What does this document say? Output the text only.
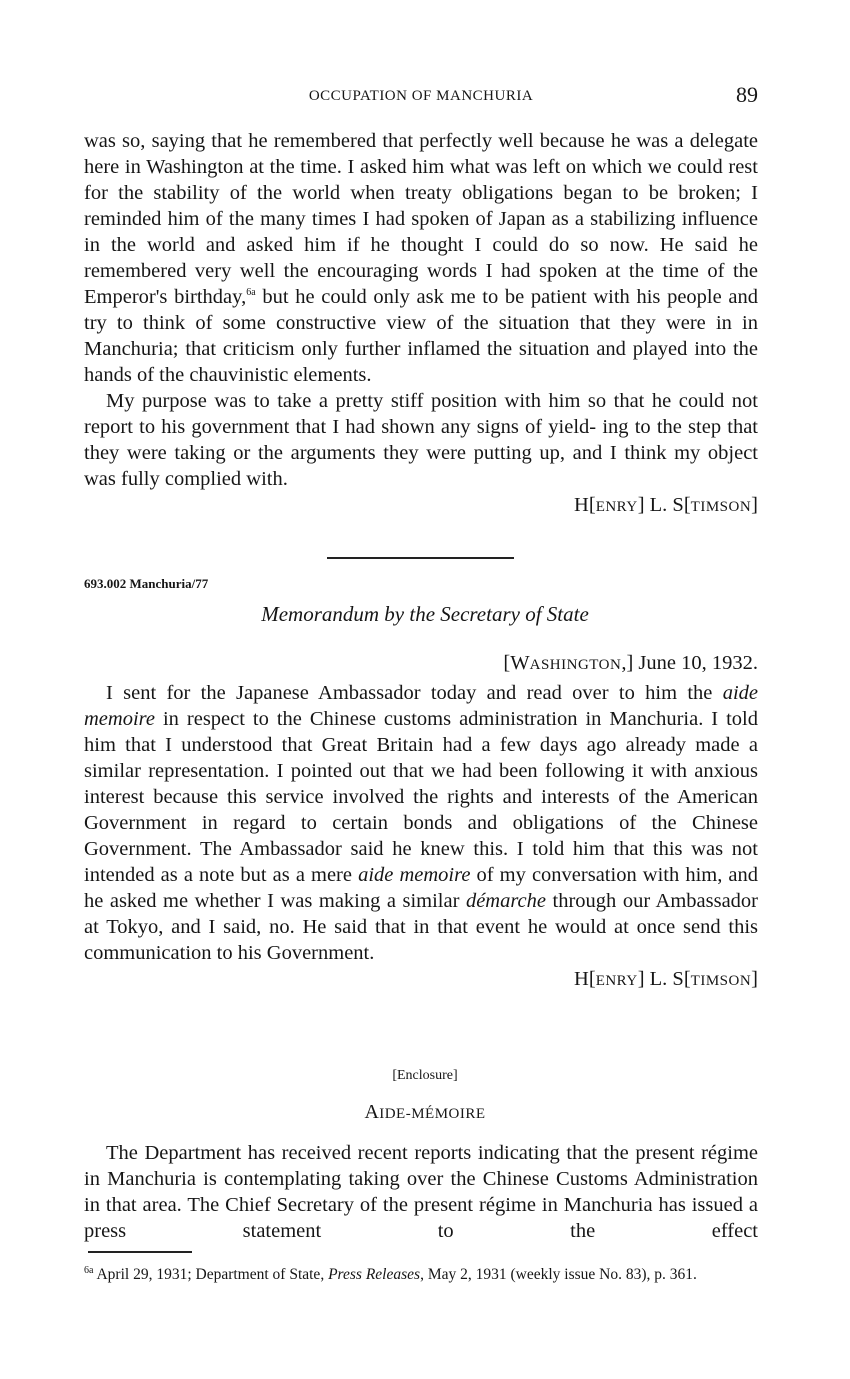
OCCUPATION OF MANCHURIA	89

was so, saying that he remembered that perfectly well because he was a delegate here in Washington at the time. I asked him what was left on which we could rest for the stability of the world when treaty obligations began to be broken; I reminded him of the many times I had spoken of Japan as a stabilizing influence in the world and asked him if he thought I could do so now. He said he remembered very well the encouraging words I had spoken at the time of the Emperor's birthday,$^{6a}$ but he could only ask me to be patient with his people and try to think of some constructive view of the situation that they were in in Manchuria; that criticism only further inflamed the situation and played into the hands of the chauvinistic elements.

My purpose was to take a pretty stiff position with him so that he could not report to his government that I had shown any signs of yield- ing to the step that they were taking or the arguments they were putting up, and I think my object was fully complied with.

H[ENRY] L. S[TIMSON]
693.002 Manchuria/77
Memorandum by the Secretary of State
[WASHINGTON,] June 10, 1932.

I sent for the Japanese Ambassador today and read over to him the aide memoire in respect to the Chinese customs administration in Manchuria. I told him that I understood that Great Britain had a few days ago already made a similar representation. I pointed out that we had been following it with anxious interest because this service involved the rights and interests of the American Government in regard to certain bonds and obligations of the Chinese Government. The Ambassador said he knew this. I told him that this was not intended as a note but as a mere aide memoire of my conversation with him, and he asked me whether I was making a similar démarche through our Ambassador at Tokyo, and I said, no. He said that in that event he would at once send this communication to his Government.

H[ENRY] L. S[TIMSON]
[Enclosure]
AIDE-MÉMOIRE

The Department has received recent reports indicating that the present régime in Manchuria is contemplating taking over the Chinese Customs Administration in that area. The Chief Secretary of the present régime in Manchuria has issued a press statement to the effect

$^{6a}$ April 29, 1931; Department of State, Press Releases, May 2, 1931 (weekly issue No. 83), p. 361.
